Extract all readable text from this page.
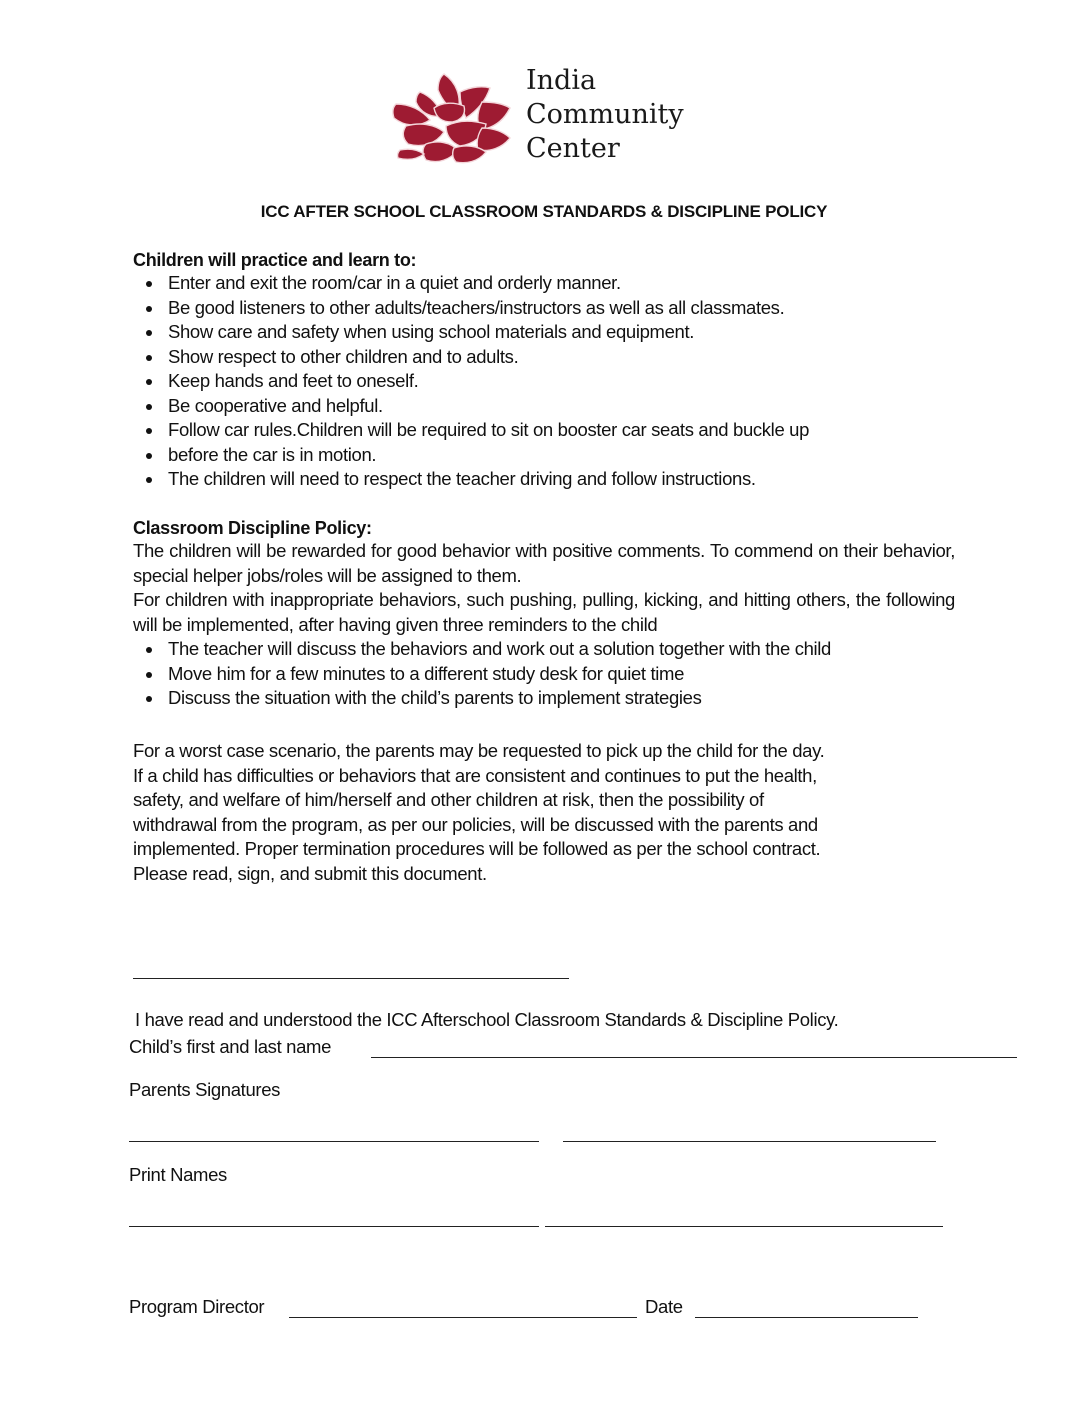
India
Community
Center
ICC AFTER SCHOOL CLASSROOM STANDARDS & DISCIPLINE POLICY
Children will practice and learn to:
Enter and exit the room/car in a quiet and orderly manner.
Be good listeners to other adults/teachers/instructors as well as all classmates.
Show care and safety when using school materials and equipment.
Show respect to other children and to adults.
Keep hands and feet to oneself.
Be cooperative and helpful.
Follow car rules.Children will be required to sit on booster car seats and buckle up
before the car is in motion.
The children will need to respect the teacher driving and follow instructions.
Classroom Discipline Policy:
The children will be rewarded for good behavior with positive comments. To commend on their behavior, special helper jobs/roles will be assigned to them.
For children with inappropriate behaviors, such pushing, pulling, kicking, and hitting others, the following will be implemented, after having given three reminders to the child
The teacher will discuss the behaviors and work out a solution together with the child
Move him for a few minutes to a different study desk for quiet time
Discuss the situation with the child’s parents to implement strategies
For a worst case scenario, the parents may be requested to pick up the child for the day.
If a child has difficulties or behaviors that are consistent and continues to put the health,
safety, and welfare of him/herself and other children at risk, then the possibility of
withdrawal from the program, as per our policies, will be discussed with the parents and
implemented. Proper termination procedures will be followed as per the school contract.
Please read, sign, and submit this document.
I have read and understood the ICC Afterschool Classroom Standards & Discipline Policy.
Child’s first and last name
Parents Signatures
Print Names
Program Director	Date
